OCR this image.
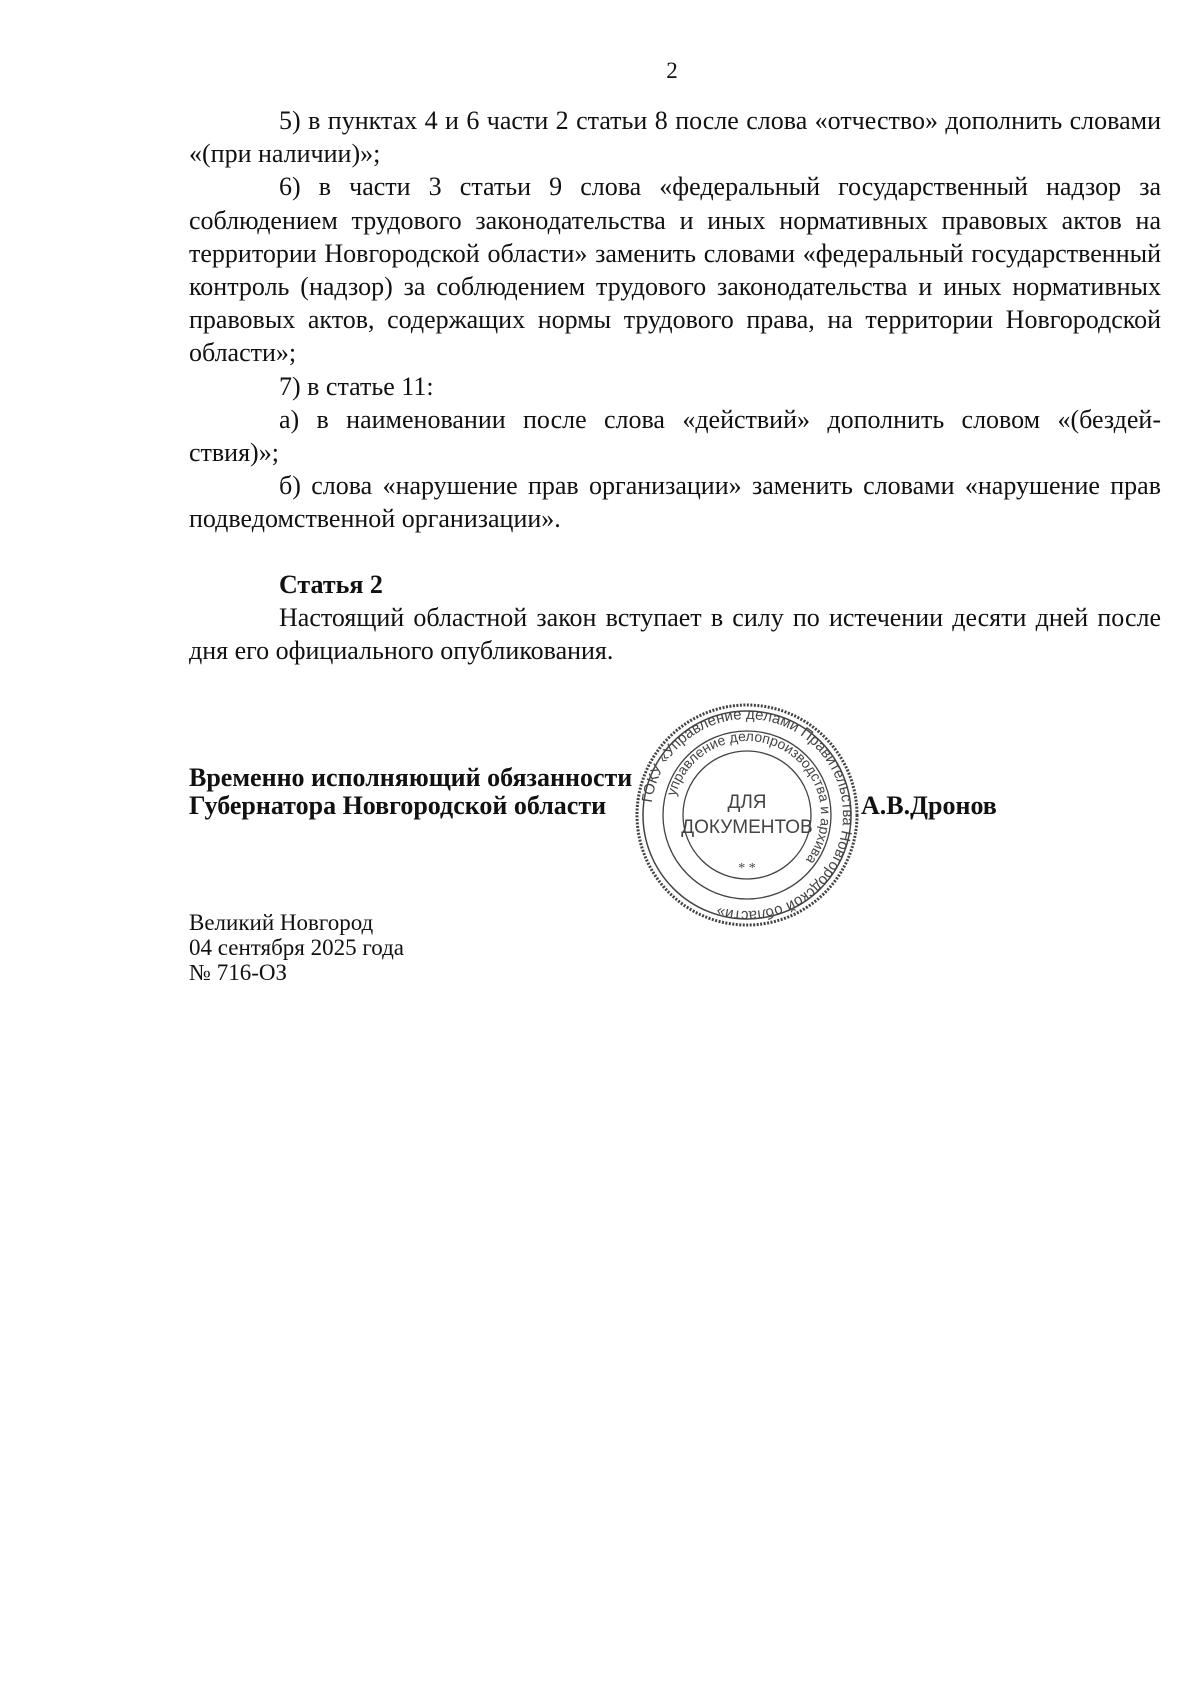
2

5) в пунктах 4 и 6 части 2 статьи 8 после слова «отчество» дополнить словами «(при наличии)»;

6) в части 3 статьи 9 слова «федеральный государственный надзор за соблюдением трудового законодательства и иных нормативных правовых актов на территории Новгородской области» заменить словами «федеральный государственный контроль (надзор) за соблюдением трудового законодательства и иных нормативных правовых актов, содержащих нормы трудового права, на территории Новгородской области»;

7) в статье 11:

а) в наименовании после слова «действий» дополнить словом «(бездей-ствия)»;

б) слова «нарушение прав организации» заменить словами «нарушение прав подведомственной организации».

Статья 2

Настоящий областной закон вступает в силу по истечении десяти дней после дня его официального опубликования.

ГОКУ «Управление делами Правительства Новгородской области»
управление делопроизводства и архива
ДЛЯ
ДОКУМЕНТОВ
* *
Временно исполняющий обязанности
Губернатора Новгородской области	А.В.Дронов
Великий Новгород
04 сентября 2025 года
№ 716-ОЗ
